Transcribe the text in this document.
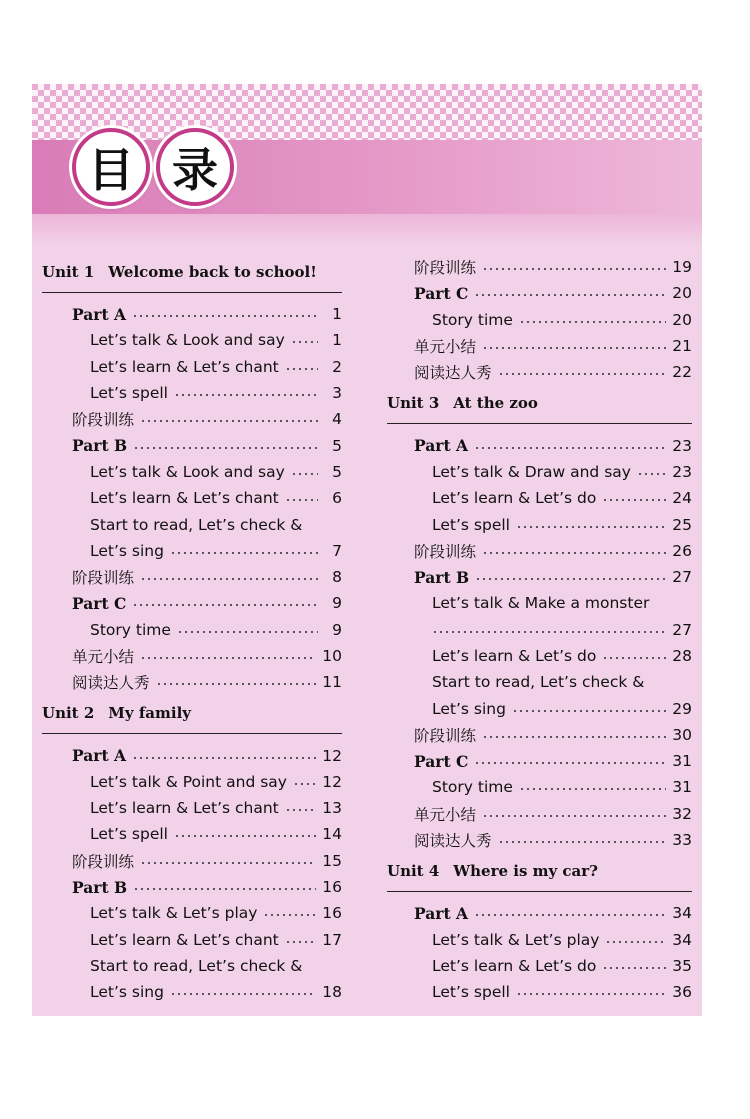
目 录
Unit 1 Welcome back to school!
Part A	1
Let’s talk & Look and say	1
Let’s learn & Let’s chant	2
Let’s spell	3
阶段训练	4
Part B	5
Let’s talk & Look and say	5
Let’s learn & Let’s chant	6
Start to read, Let’s check &
Let’s sing	7
阶段训练	8
Part C	9
Story time	9
单元小结	10
阅读达人秀	11
Unit 2 My family
Part A	12
Let’s talk & Point and say 12
Let’s learn & Let’s chant	13
Let’s spell	14
阶段训练	15
Part B	16
Let’s talk & Let’s play	16
Let’s learn & Let’s chant	17
Start to read, Let’s check &
Let’s sing	18
阶段训练	19
Part C	20
Story time	20
单元小结	21
阅读达人秀	22
Unit 3 At the zoo
Part A	23
Let’s talk & Draw and say	23
Let’s learn & Let’s do	24
Let’s spell	25
阶段训练	26
Part B	27
Let’s talk & Make a monster
27
Let’s learn & Let’s do	28
Start to read, Let’s check &
Let’s sing	29
阶段训练	30
Part C	31
Story time	31
单元小结	32
阅读达人秀	33
Unit 4 Where is my car?
Part A	34
Let’s talk & Let’s play	34
Let’s learn & Let’s do	35
Let’s spell	36
